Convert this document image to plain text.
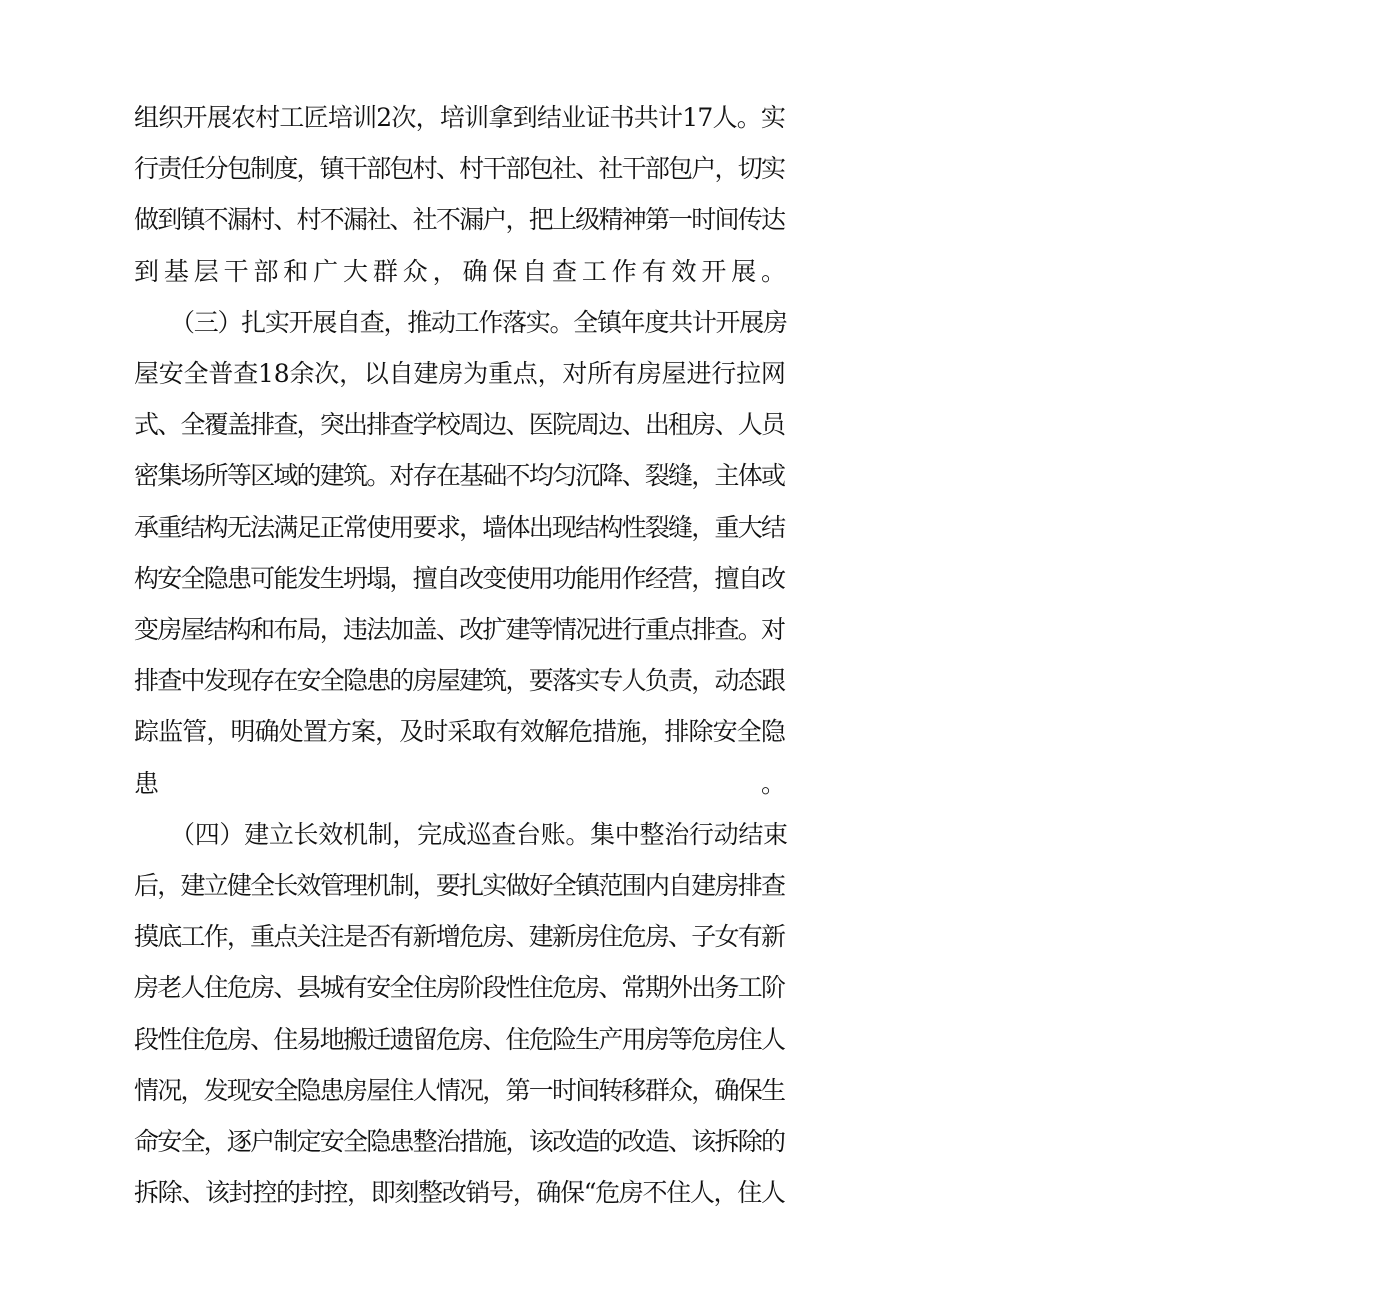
组织开展农村工匠培训2次，培训拿到结业证书共计17人。实
行责任分包制度，镇干部包村、村干部包社、社干部包户，切实
做到镇不漏村、村不漏社、社不漏户，把上级精神第一时间传达
到基层干部和广大群众，确保自查工作有效开展。
（三）扎实开展自查，推动工作落实。全镇年度共计开展房
屋安全普查18余次，以自建房为重点，对所有房屋进行拉网
式、全覆盖排查，突出排查学校周边、医院周边、出租房、人员
密集场所等区域的建筑。对存在基础不均匀沉降、裂缝，主体或
承重结构无法满足正常使用要求，墙体出现结构性裂缝，重大结
构安全隐患可能发生坍塌，擅自改变使用功能用作经营，擅自改
变房屋结构和布局，违法加盖、改扩建等情况进行重点排查。对
排查中发现存在安全隐患的房屋建筑，要落实专人负责，动态跟
踪监管，明确处置方案，及时采取有效解危措施，排除安全隐
患。
（四）建立长效机制，完成巡查台账。集中整治行动结束
后，建立健全长效管理机制，要扎实做好全镇范围内自建房排查
摸底工作，重点关注是否有新增危房、建新房住危房、子女有新
房老人住危房、县城有安全住房阶段性住危房、常期外出务工阶
段性住危房、住易地搬迁遗留危房、住危险生产用房等危房住人
情况，发现安全隐患房屋住人情况，第一时间转移群众，确保生
命安全，逐户制定安全隐患整治措施，该改造的改造、该拆除的
拆除、该封控的封控，即刻整改销号，确保“危房不住人，住人
